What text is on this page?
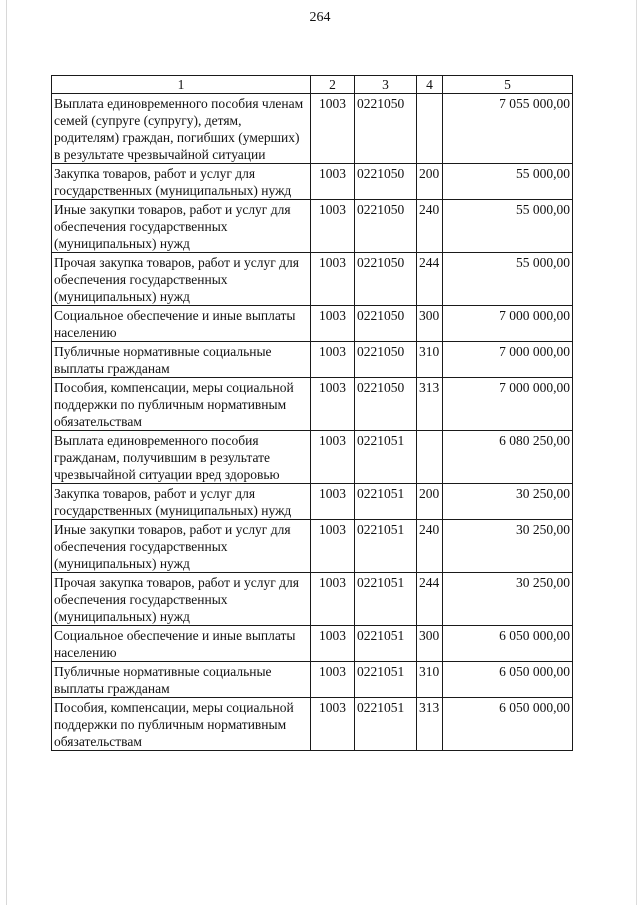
264
1	2	3	4	5
Выплата единовременного пособия членам семей (супруге (супругу), детям, родителям) граждан, погибших (умерших) в результате чрезвычайной ситуации	1003	0221050		7 055 000,00
Закупка товаров, работ и услуг для государственных (муниципальных) нужд	1003	0221050	200	55 000,00
Иные закупки товаров, работ и услуг для обеспечения государственных (муниципальных) нужд	1003	0221050	240	55 000,00
Прочая закупка товаров, работ и услуг для обеспечения государственных (муниципальных) нужд	1003	0221050	244	55 000,00
Социальное обеспечение и иные выплаты населению	1003	0221050	300	7 000 000,00
Публичные нормативные социальные выплаты гражданам	1003	0221050	310	7 000 000,00
Пособия, компенсации, меры социальной поддержки по публичным нормативным обязательствам	1003	0221050	313	7 000 000,00
Выплата единовременного пособия гражданам, получившим в результате чрезвычайной ситуации вред здоровью	1003	0221051		6 080 250,00
Закупка товаров, работ и услуг для государственных (муниципальных) нужд	1003	0221051	200	30 250,00
Иные закупки товаров, работ и услуг для обеспечения государственных (муниципальных) нужд	1003	0221051	240	30 250,00
Прочая закупка товаров, работ и услуг для обеспечения государственных (муниципальных) нужд	1003	0221051	244	30 250,00
Социальное обеспечение и иные выплаты населению	1003	0221051	300	6 050 000,00
Публичные нормативные социальные выплаты гражданам	1003	0221051	310	6 050 000,00
Пособия, компенсации, меры социальной поддержки по публичным нормативным обязательствам	1003	0221051	313	6 050 000,00
